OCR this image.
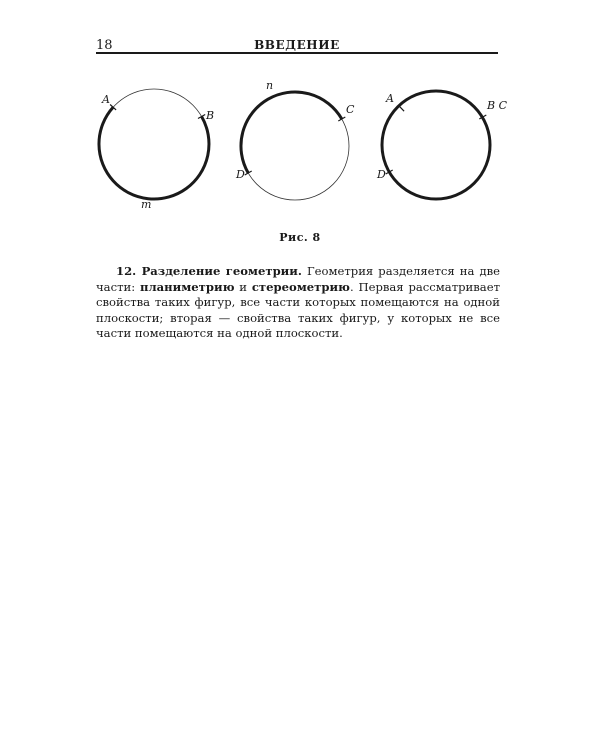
18	ВВЕДЕНИЕ
A
B
m
n
C
D
A
B C
D
Рис. 8

12. Разделение геометрии. Геометрия разделяется на две части: планиметрию и стереометрию. Первая рассматривает свойства таких фигур, все части которых помещаются на одной плоскости; вторая — свойства таких фигур, у которых не все части помещаются на одной плоскости.
